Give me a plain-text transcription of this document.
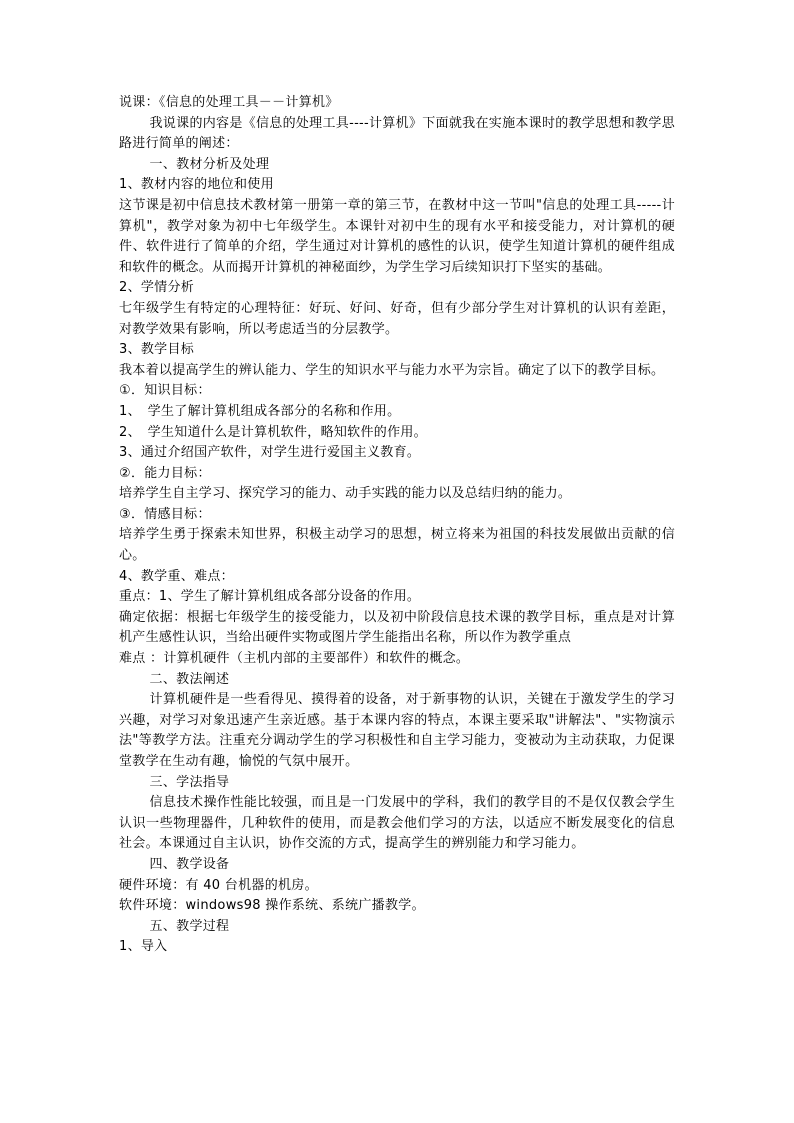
说课：《信息的处理工具－－计算机》

我说课的内容是《信息的处理工具----计算机》下面就我在实施本课时的教学思想和教学思路进行简单的阐述：

一、教材分析及处理

1、教材内容的地位和使用

这节课是初中信息技术教材第一册第一章的第三节，在教材中这一节叫"信息的处理工具-----计算机"，教学对象为初中七年级学生。本课针对初中生的现有水平和接受能力，对计算机的硬件、软件进行了简单的介绍，学生通过对计算机的感性的认识，使学生知道计算机的硬件组成和软件的概念。从而揭开计算机的神秘面纱，为学生学习后续知识打下坚实的基础。

2、学情分析

七年级学生有特定的心理特征：好玩、好问、好奇，但有少部分学生对计算机的认识有差距，对教学效果有影响，所以考虑适当的分层教学。

3、教学目标

我本着以提高学生的辨认能力、学生的知识水平与能力水平为宗旨。确定了以下的教学目标。

①．知识目标：

1、　学生了解计算机组成各部分的名称和作用。

2、　学生知道什么是计算机软件，略知软件的作用。

3、通过介绍国产软件，对学生进行爱国主义教育。

②．能力目标：

培养学生自主学习、探究学习的能力、动手实践的能力以及总结归纳的能力。

③．情感目标：

培养学生勇于探索未知世界，积极主动学习的思想，树立将来为祖国的科技发展做出贡献的信心。

4、教学重、难点：

重点：1、学生了解计算机组成各部分设备的作用。

确定依据：根据七年级学生的接受能力，以及初中阶段信息技术课的教学目标，重点是对计算机产生感性认识，当给出硬件实物或图片学生能指出名称，所以作为教学重点

难点 ：计算机硬件（主机内部的主要部件）和软件的概念。

二、教法阐述

计算机硬件是一些看得见、摸得着的设备，对于新事物的认识，关键在于激发学生的学习兴趣，对学习对象迅速产生亲近感。基于本课内容的特点，本课主要采取"讲解法"、"实物演示法"等教学方法。注重充分调动学生的学习积极性和自主学习能力，变被动为主动获取，力促课堂教学在生动有趣，愉悦的气氛中展开。

三、学法指导

信息技术操作性能比较强，而且是一门发展中的学科，我们的教学目的不是仅仅教会学生认识一些物理器件，几种软件的使用，而是教会他们学习的方法，以适应不断发展变化的信息社会。本课通过自主认识，协作交流的方式，提高学生的辨别能力和学习能力。

四、教学设备

硬件环境：有 40 台机器的机房。

软件环境：windows98 操作系统、系统广播教学。

五、教学过程

1、导入
